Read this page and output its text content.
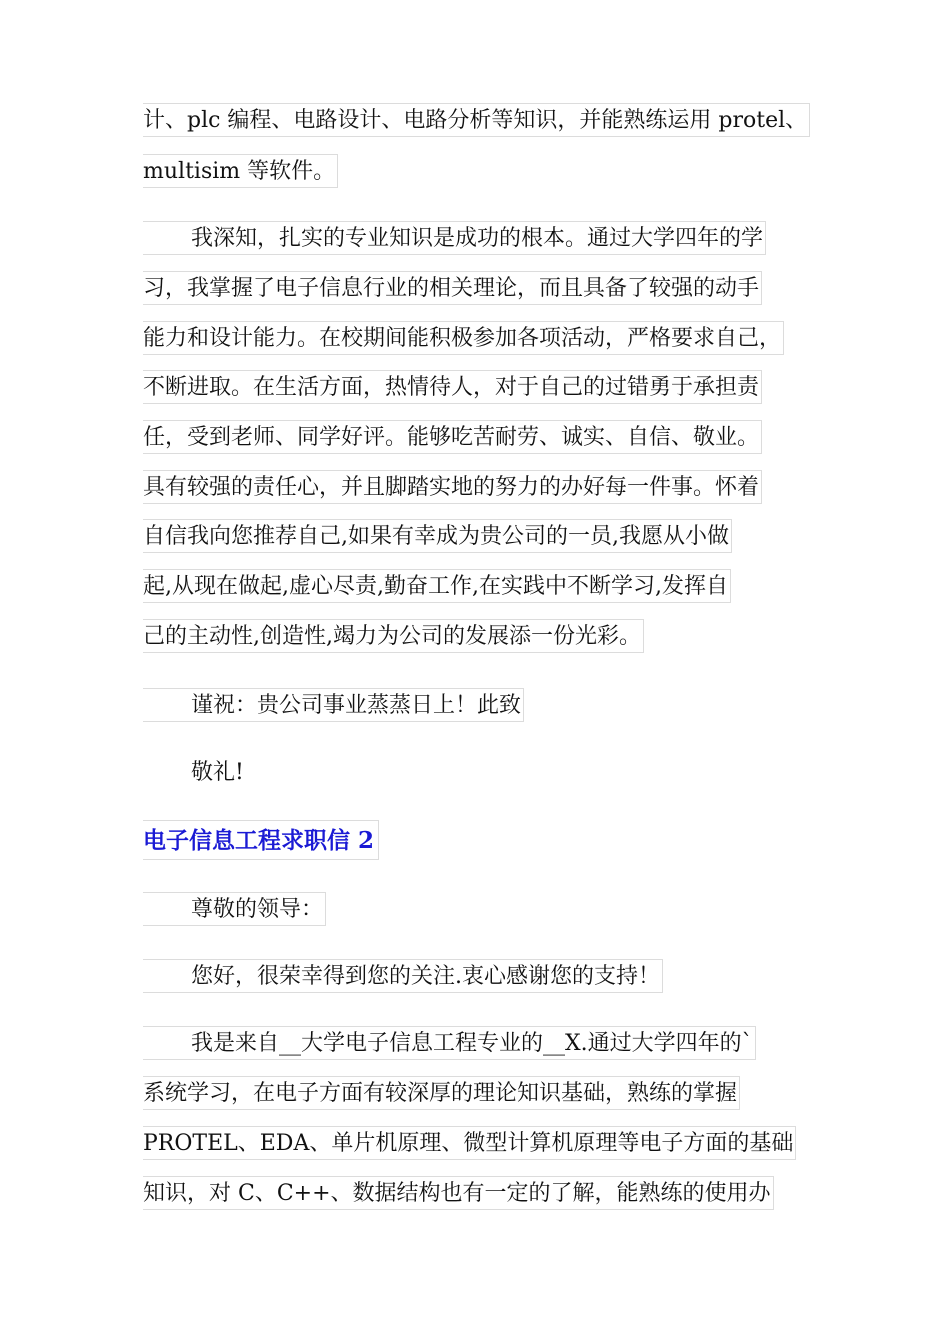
计、plc 编程、电路设计、电路分析等知识，并能熟练运用 protel、
multisim 等软件。
我深知，扎实的专业知识是成功的根本。通过大学四年的学
习，我掌握了电子信息行业的相关理论，而且具备了较强的动手
能力和设计能力。在校期间能积极参加各项活动，严格要求自己，
不断进取。在生活方面，热情待人，对于自己的过错勇于承担责
任，受到老师、同学好评。能够吃苦耐劳、诚实、自信、敬业。
具有较强的责任心，并且脚踏实地的努力的办好每一件事。怀着
自信我向您推荐自己,如果有幸成为贵公司的一员,我愿从小做
起,从现在做起,虚心尽责,勤奋工作,在实践中不断学习,发挥自
己的主动性,创造性,竭力为公司的发展添一份光彩。
谨祝：贵公司事业蒸蒸日上！此致
敬礼!
电子信息工程求职信 2
尊敬的领导：
您好，很荣幸得到您的关注.衷心感谢您的支持！
我是来自__大学电子信息工程专业的__X.通过大学四年的`
系统学习，在电子方面有较深厚的理论知识基础，熟练的掌握
PROTEL、EDA、单片机原理、微型计算机原理等电子方面的基础
知识，对 C、C++、数据结构也有一定的了解，能熟练的使用办
